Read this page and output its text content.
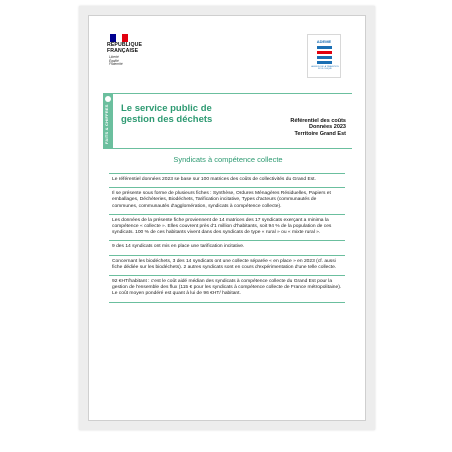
RÉPUBLIQUE
FRANÇAISE
Liberté
Égalité
Fraternité
ADEME
AGENCE DE LA TRANSITION ÉCOLOGIQUE
FAITS & CHIFFRES Le service public de gestion des déchets	Référentiel des coûts
Données 2023
Territoire Grand Est
Syndicats à compétence collecte
Le référentiel données 2023 se base sur 100 matrices des coûts de collectivités du Grand Est.
Il se présente sous forme de plusieurs fiches : Synthèse, Ordures Ménagères Résiduelles, Papiers et emballages, Déchèteries, Biodéchets, Tarification incitative, Types d'acteurs (communautés de communes, communautés d'agglomération, syndicats à compétence collecte).
Les données de la présente fiche proviennent de 14 matrices des 17 syndicats exerçant a minima la compétence « collecte ». Elles couvrent près d'1 million d'habitants, soit 94 % de la population de ces syndicats. 100 % de ces habitants vivent dans des syndicats de type « rural » ou « mixte rural ».
9 des 14 syndicats ont mis en place une tarification incitative.
Concernant les biodéchets, 3 des 14 syndicats ont une collecte séparée « en place » en 2023 (cf. aussi fiche dédiée sur les biodéchets). 2 autres syndicats sont en cours d'expérimentation d'une telle collecte.
92 €HT/habitant : c'est le coût aidé médian des syndicats à compétence collecte du Grand Est pour la gestion de l'ensemble des flux (115 € pour les syndicats à compétence collecte de France métropolitaine). Le coût moyen pondéré est quant à lui de 96 €HT/ habitant.
